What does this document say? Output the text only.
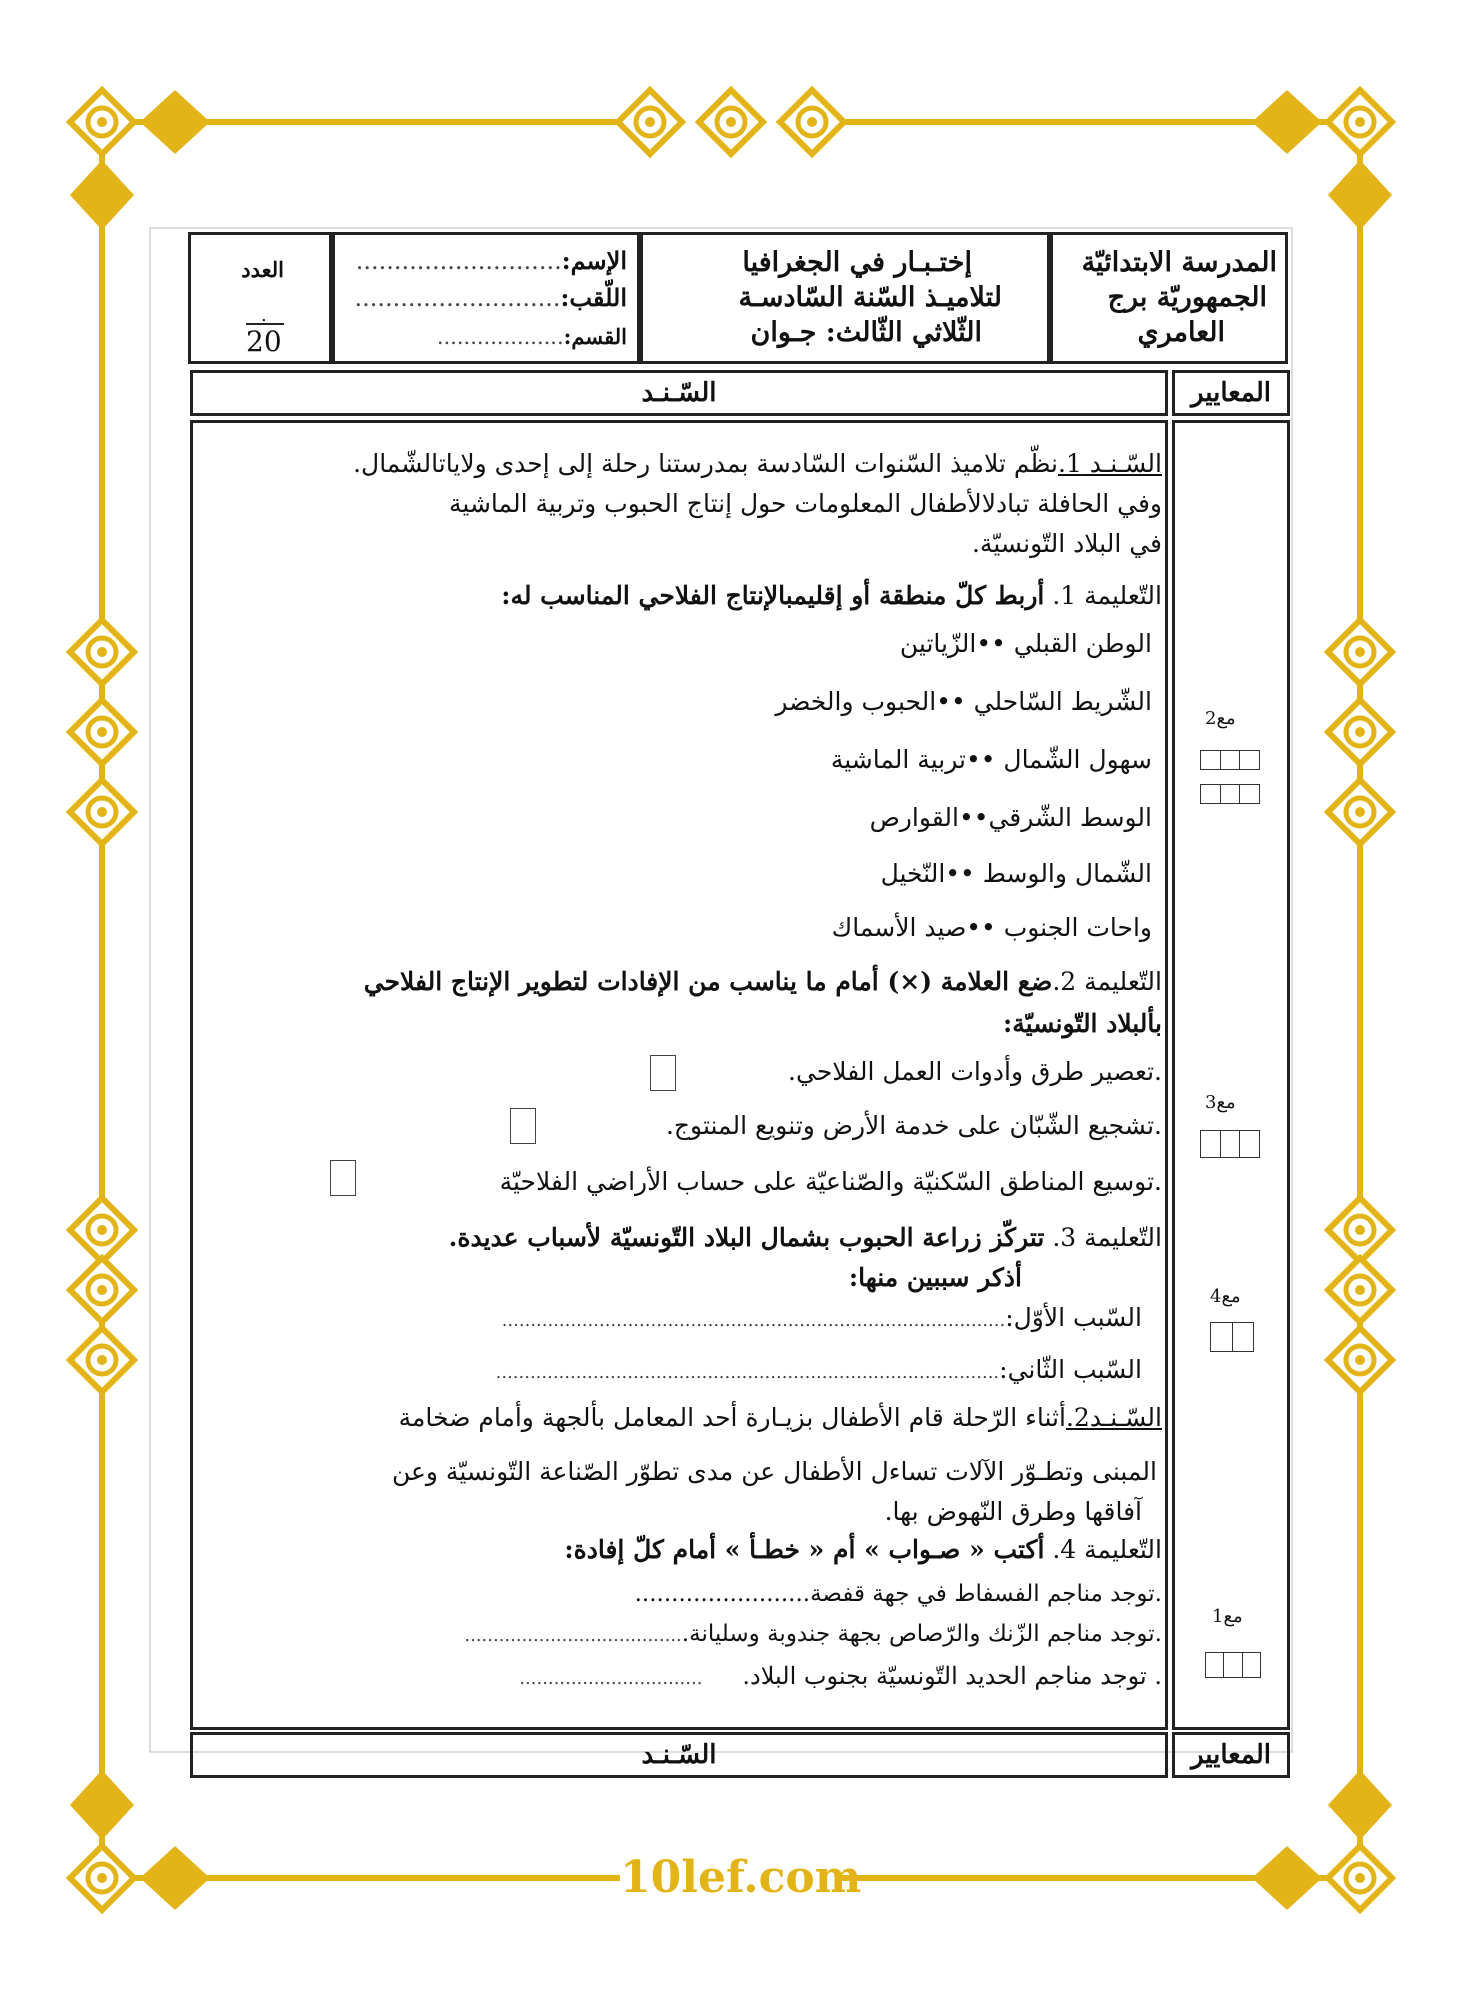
المدرسة الابتدائيّة
الجمهوريّة برج
العامري
إختـبـار في الجغرافيا
لتلاميـذ السّنة السّادسـة
الثّلاثي الثّالث: جـوان
الإسم:...........................
اللّقب:...........................
القسم:...................
العدد
.
20
المعايير
السّـنـد
السّـنـد 1.نظّم تلاميذ السّنوات السّادسة بمدرستنا رحلة إلى إحدى ولاياتالشّمال.
وفي الحافلة تبادلالأطفال المعلومات حول إنتاج الحبوب وتربية الماشية
في البلاد التّونسيّة.
التّعليمة 1. أربط كلّ منطقة أو إقليمبالإنتاج الفلاحي المناسب له:
الوطن القبلي ••الزّياتين
الشّريط السّاحلي ••الحبوب والخضر
سهول الشّمال ••تربية الماشية
الوسط الشّرقي••القوارص
الشّمال والوسط ••النّخيل
واحات الجنوب ••صيد الأسماك
التّعليمة 2.ضع العلامة (×) أمام ما يناسب من الإفادات لتطوير الإنتاج الفلاحي
بألبلاد التّونسيّة:
.تعصير طرق وأدوات العمل الفلاحي.
.تشجيع الشّبّان على خدمة الأرض وتنويع المنتوج.
.توسيع المناطق السّكنيّة والصّناعيّة على حساب الأراضي الفلاحيّة
التّعليمة 3. تتركّز زراعة الحبوب بشمال البلاد التّونسيّة لأسباب عديدة.
أذكر سببين منها:
السّبب الأوّل:........................................................................................
السّبب الثّاني:........................................................................................
السّـنـد2.أثناء الرّحلة قام الأطفال بزيـارة أحد المعامل بألجهة وأمام ضخامة
المبنى وتطـوّر الآلات تساءل الأطفال عن مدى تطوّر الصّناعة التّونسيّة وعن
آفاقها وطرق النّهوض بها.
التّعليمة 4. أكتب « صـواب » أم « خطـأ » أمام كلّ إفادة:
.توجد مناجم الفسفاط في جهة قفصة........................
.توجد مناجم الزّنك والرّصاص بجهة جندوبة وسليانة.......................................
. توجد مناجم الحديد التّونسيّة بجنوب البلاد.................................
مع2
مع3
مع4
مع1
المعايير
السّـنـد
10lef.com
